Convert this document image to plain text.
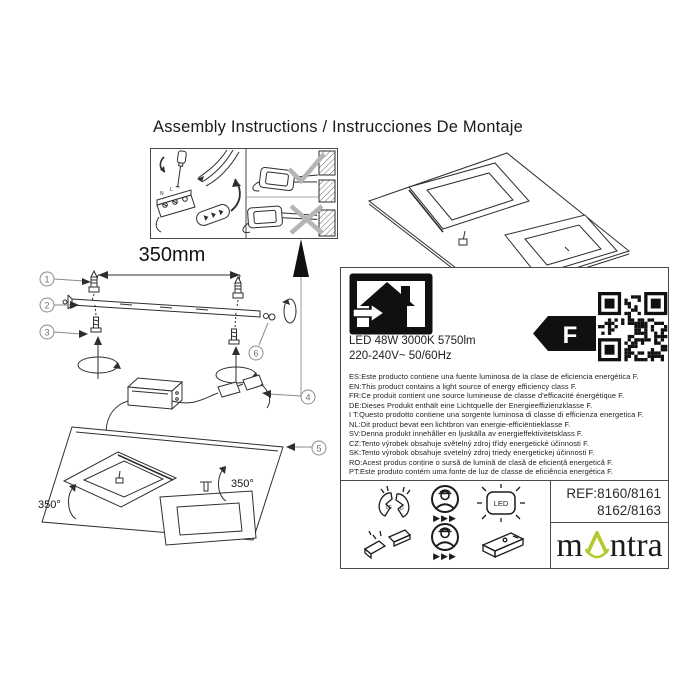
Assembly Instructions / Instrucciones De Montaje
N
L
350mm
350°
350°
1
2
3
6
4
5
F
LED 48W 3000K 5750lm
220-240V~ 50/60Hz
ES:Este producto contiene una fuente luminosa de la clase de eficiencia energética F.
EN:This product contains a light source of energy efficiency class F.
FR:Ce produit contient une source lumineuse de classe d'efficacité énergétique F.
DE:Dieses Produkt enthält eine Lichtquelle der Energieeffizienzklasse F.
I T:Questo prodotto contiene una sorgente luminosa di classe di efficienza energetica F.
NL:Dit product bevat een lichtbron van energie-efficiëntieklasse F.
SV:Denna produkt innehåller en ljuskälla av energieffektivitetsklass F.
CZ:Tento výrobek obsahuje světelný zdroj třídy energetické účinnosti F.
SK:Tento výrobok obsahuje svetelný zdroj triedy energetickej účinnosti F.
RO:Acest produs conține o sursă de lumină de clasă de eficiență energetică F.
PT:Este produto contém uma fonte de luz de classe de eficiência energética F.
LE D
▶▶▶
LED
▶▶▶
REF:8160/8161
8162/8163
m ntra
